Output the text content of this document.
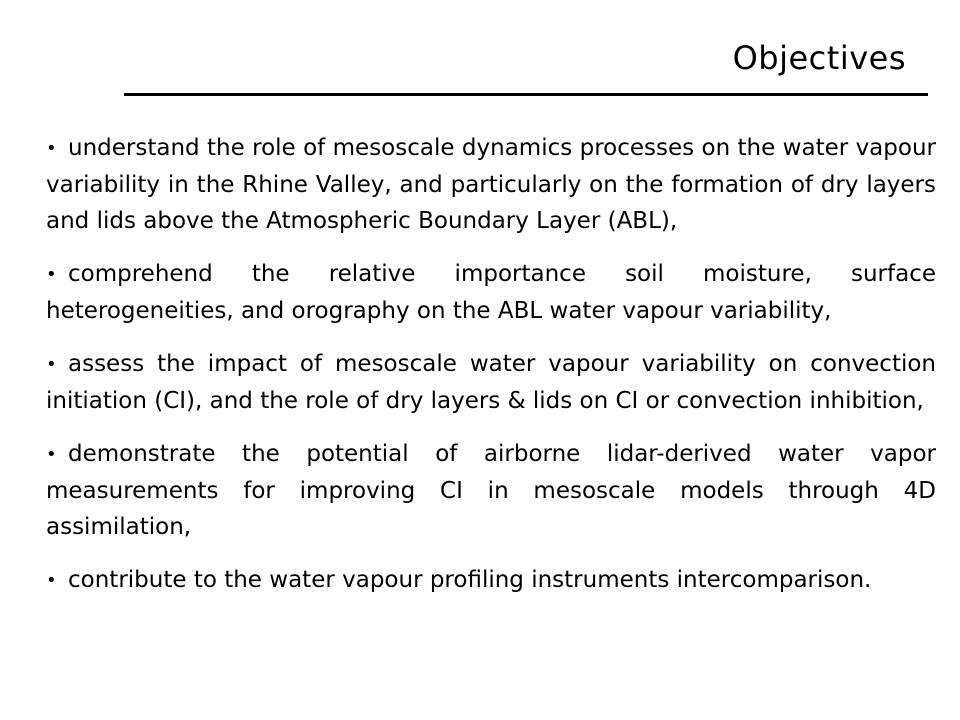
Objectives
• understand the role of mesoscale dynamics processes on the water vapour variability in the Rhine Valley, and particularly on the formation of dry layers and lids above the Atmospheric Boundary Layer (ABL),
• comprehend the relative importance soil moisture, surface heterogeneities, and orography on the ABL water vapour variability,
• assess the impact of mesoscale water vapour variability on convection initiation (CI), and the role of dry layers & lids on CI or convection inhibition,
• demonstrate the potential of airborne lidar-derived water vapor measurements for improving CI in mesoscale models through 4D assimilation,
• contribute to the water vapour profiling instruments intercomparison.
